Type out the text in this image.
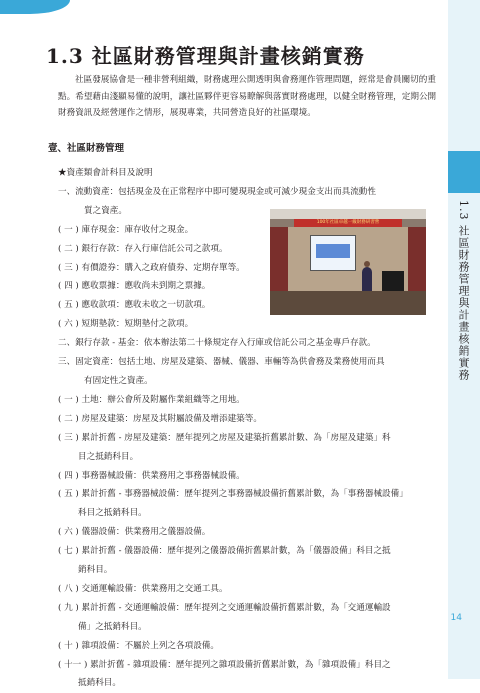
1.3 社區財務管理與計畫核銷實務
14
1.3 社區財務管理與計畫核銷實務

社區發展協會是一種非營利組織，財務處理公開透明與會務運作管理問題，經常是會員關切的重點。希望藉由淺顯易懂的說明，讓社區夥伴更容易瞭解與落實財務處理，以健全財務管理，定期公開財務資訊及經營運作之情形，展現專業，共同營造良好的社區環境。

壹、社區財務管理
★資產類會計科目及說明
一、流動資產：包括現金及在正常程序中即可變現現金或可減少現金支出而具流動性
質之資產。
( 一 ) 庫存現金：庫存收付之現金。
( 二 ) 銀行存款：存入行庫信託公司之款項。
( 三 ) 有價證券：購入之政府債券、定期存單等。
( 四 ) 應收票據：應收尚未到期之票據。
( 五 ) 應收款項：應收未收之一切款項。
( 六 ) 短期墊款：短期墊付之款項。
二、銀行存款 - 基金：依本辦法第二十條規定存入行庫或信託公司之基金專戶存款。
三、固定資產：包括土地、房屋及建築、器械、儀器、車輛等為供會務及業務使用而具
有固定性之資產。
( 一 ) 土地：辦公會所及附屬作業組織等之用地。
( 二 ) 房屋及建築：房屋及其附屬設備及增添建築等。
( 三 ) 累計折舊 - 房屋及建築：歷年提列之房屋及建築折舊累計數、為「房屋及建築」科
目之抵銷科目。
( 四 ) 事務器械設備：供業務用之事務器械設備。
( 五 ) 累計折舊 - 事務器械設備：歷年提列之事務器械設備折舊累計數，為「事務器械設備」
科目之抵銷科目。
( 六 ) 儀器設備：供業務用之儀器設備。
( 七 ) 累計折舊 - 儀器設備：歷年提列之儀器設備折舊累計數，為「儀器設備」科目之抵
銷科目。
( 八 ) 交通運輸設備：供業務用之交通工具。
( 九 ) 累計折舊 - 交通運輸設備：歷年提列之交通運輸設備折舊累計數，為「交通運輸設
備」之抵銷科目。
( 十 ) 雜項設備：不屬於上列之各項設備。
( 十一 ) 累計折舊 - 雜項設備：歷年提列之雜項設備折舊累計數，為「雜項設備」科目之
抵銷科目。
100年社區卓越一級財務研習營
